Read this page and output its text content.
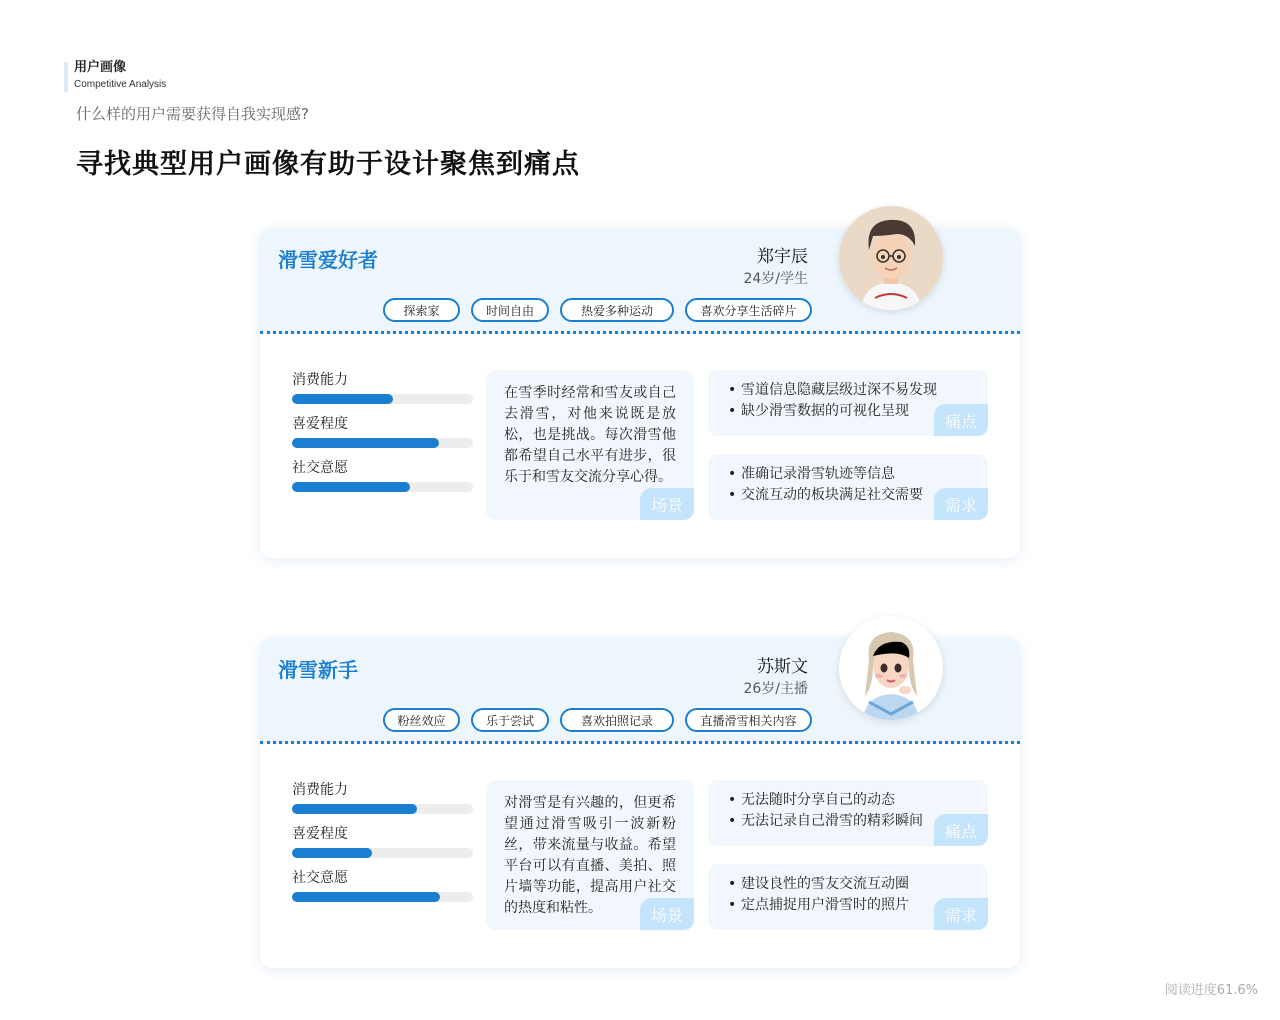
用户画像
Competitive Analysis
什么样的用户需要获得自我实现感?
寻找典型用户画像有助于设计聚焦到痛点
滑雪爱好者	郑宇辰
24岁/学生
探索家	时间自由	热爱多种运动	喜欢分享生活碎片
消费能力
喜爱程度
社交意愿
在雪季时经常和雪友或自己去滑雪，对他来说既是放松，也是挑战。每次滑雪他都希望自己水平有进步，很乐于和雪友交流分享心得。
场景
• 雪道信息隐藏层级过深不易发现
• 缺少滑雪数据的可视化呈现
痛点
• 准确记录滑雪轨迹等信息
• 交流互动的板块满足社交需要
需求
滑雪新手	苏斯文
26岁/主播
粉丝效应	乐于尝试	喜欢拍照记录	直播滑雪相关内容
消费能力
喜爱程度
社交意愿
对滑雪是有兴趣的，但更希望通过滑雪吸引一波新粉丝，带来流量与收益。希望平台可以有直播、美拍、照片墙等功能，提高用户社交的热度和粘性。	场景
• 无法随时分享自己的动态
• 无法记录自己滑雪的精彩瞬间
痛点
• 建设良性的雪友交流互动圈
• 定点捕捉用户滑雪时的照片
需求
阅读进度61.6%
